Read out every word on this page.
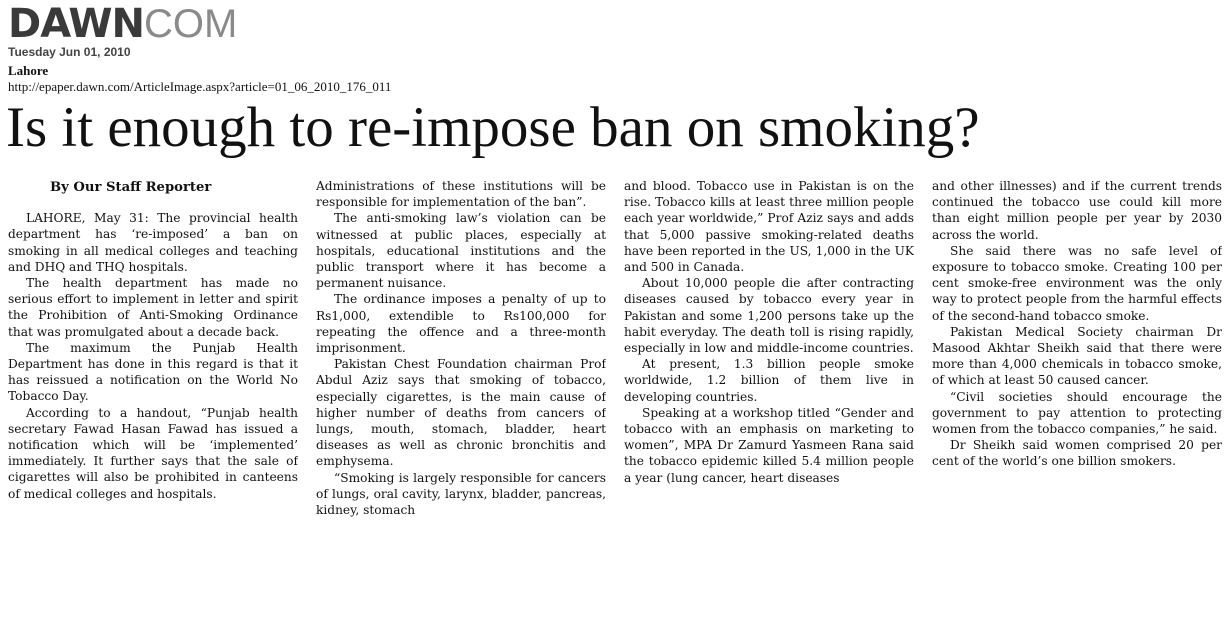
DAWN COM
Tuesday Jun 01, 2010
Lahore
http://epaper.dawn.com/ArticleImage.aspx?article=01_06_2010_176_011
Is it enough to re-impose ban on smoking?
By Our Staff Reporter

LAHORE, May 31: The provincial health department has ‘re-imposed’ a ban on smoking in all medical colleges and teaching and DHQ and THQ hospitals.

The health department has made no serious effort to implement in letter and spirit the Prohibition of Anti-Smoking Ordinance that was promulgated about a decade back.

The maximum the Punjab Health Department has done in this regard is that it has reissued a notification on the World No Tobacco Day.

According to a handout, “Punjab health secretary Fawad Hasan Fawad has issued a notification which will be ‘implemented’ immediately. It further says that the sale of cigarettes will also be prohibited in canteens of medical colleges and hospitals.

Administrations of these institutions will be responsible for implementation of the ban”.

The anti-smoking law’s violation can be witnessed at public places, especially at hospitals, educational institutions and the public transport where it has become a permanent nuisance.

The ordinance imposes a penalty of up to Rs1,000, extendible to Rs100,000 for repeating the offence and a three-month imprisonment.

Pakistan Chest Foundation chairman Prof Abdul Aziz says that smoking of tobacco, especially cigarettes, is the main cause of higher number of deaths from cancers of lungs, mouth, stomach, bladder, heart diseases as well as chronic bronchitis and emphysema.

“Smoking is largely responsible for cancers of lungs, oral cavity, larynx, bladder, pancreas, kidney, stomach

and blood. Tobacco use in Pakistan is on the rise. Tobacco kills at least three million people each year worldwide,” Prof Aziz says and adds that 5,000 passive smoking-related deaths have been reported in the US, 1,000 in the UK and 500 in Canada.

About 10,000 people die after contracting diseases caused by tobacco every year in Pakistan and some 1,200 persons take up the habit everyday. The death toll is rising rapidly, especially in low and middle-income countries.

At present, 1.3 billion people smoke worldwide, 1.2 billion of them live in developing countries.

Speaking at a workshop titled “Gender and tobacco with an emphasis on marketing to women”, MPA Dr Zamurd Yasmeen Rana said the tobacco epidemic killed 5.4 million people a year (lung cancer, heart diseases

and other illnesses) and if the current trends continued the tobacco use could kill more than eight million people per year by 2030 across the world.

She said there was no safe level of exposure to tobacco smoke. Creating 100 per cent smoke-free environment was the only way to protect people from the harmful effects of the second-hand tobacco smoke.

Pakistan Medical Society chairman Dr Masood Akhtar Sheikh said that there were more than 4,000 chemicals in tobacco smoke, of which at least 50 caused cancer.

“Civil societies should encourage the government to pay attention to protecting women from the tobacco companies,” he said.

Dr Sheikh said women comprised 20 per cent of the world’s one billion smokers.
